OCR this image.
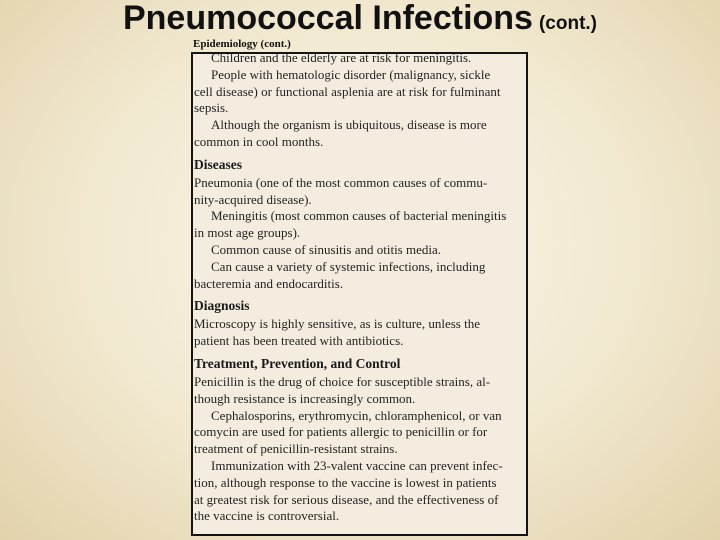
Pneumococcal Infections (cont.)
Epidemiology (cont.)
Children and the elderly are at risk for meningitis.
People with hematologic disorder (malignancy, sickle
cell disease) or functional asplenia are at risk for fulminant
sepsis.
Although the organism is ubiquitous, disease is more
common in cool months.
Diseases
Pneumonia (one of the most common causes of commu-
nity-acquired disease).
Meningitis (most common causes of bacterial meningitis
in most age groups).
Common cause of sinusitis and otitis media.
Can cause a variety of systemic infections, including
bacteremia and endocarditis.
Diagnosis
Microscopy is highly sensitive, as is culture, unless the
patient has been treated with antibiotics.
Treatment, Prevention, and Control
Penicillin is the drug of choice for susceptible strains, al-
though resistance is increasingly common.
Cephalosporins, erythromycin, chloramphenicol, or van
comycin are used for patients allergic to penicillin or for
treatment of penicillin-resistant strains.
Immunization with 23-valent vaccine can prevent infec-
tion, although response to the vaccine is lowest in patients
at greatest risk for serious disease, and the effectiveness of
the vaccine is controversial.
